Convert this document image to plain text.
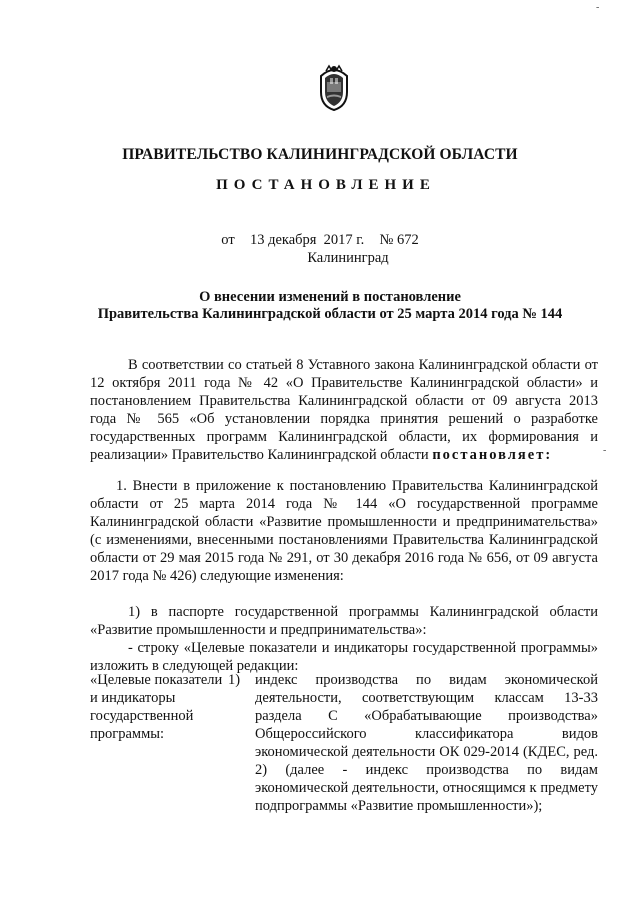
-
ПРАВИТЕЛЬСТВО КАЛИНИНГРАДСКОЙ ОБЛАСТИ
ПОСТАНОВЛЕНИЕ
от 13 декабря  2017 г. № 672
Калининград
О внесении изменений в постановление
Правительства Калининградской области от 25 марта 2014 года № 144
В соответствии со статьей 8 Уставного закона Калининградской области от 12 октября 2011 года № 42 «О Правительстве Калининградской области» и постановлением Правительства Калининградской области от 09 августа 2013 года № 565 «Об установлении порядка принятия решений о разработке государственных программ Калининградской области, их формирования и реализации» Правительство Калининградской области постановляет:
1. Внести в приложение к постановлению Правительства Калининградской области от 25 марта 2014 года № 144 «О государственной программе Калининградской области «Развитие промышленности и предпринимательства» (с изменениями, внесенными постановлениями Правительства Калининградской области от 29 мая 2015 года № 291, от 30 декабря 2016 года № 656, от 09 августа 2017 года № 426) следующие изменения:
1) в паспорте государственной программы Калининградской области «Развитие промышленности и предпринимательства»:
- строку «Целевые показатели и индикаторы государственной программы» изложить в следующей редакции:
«Целевые показатели и индикаторы государственной программы:
1) индекс производства по видам экономической деятельности, соответствующим классам 13-33 раздела С «Обрабатывающие производства» Общероссийского классификатора видов экономической деятельности ОК 029-2014 (КДЕС, ред. 2) (далее - индекс производства по видам экономической деятельности, относящимся к предмету подпрограммы «Развитие промышленности»);
-
